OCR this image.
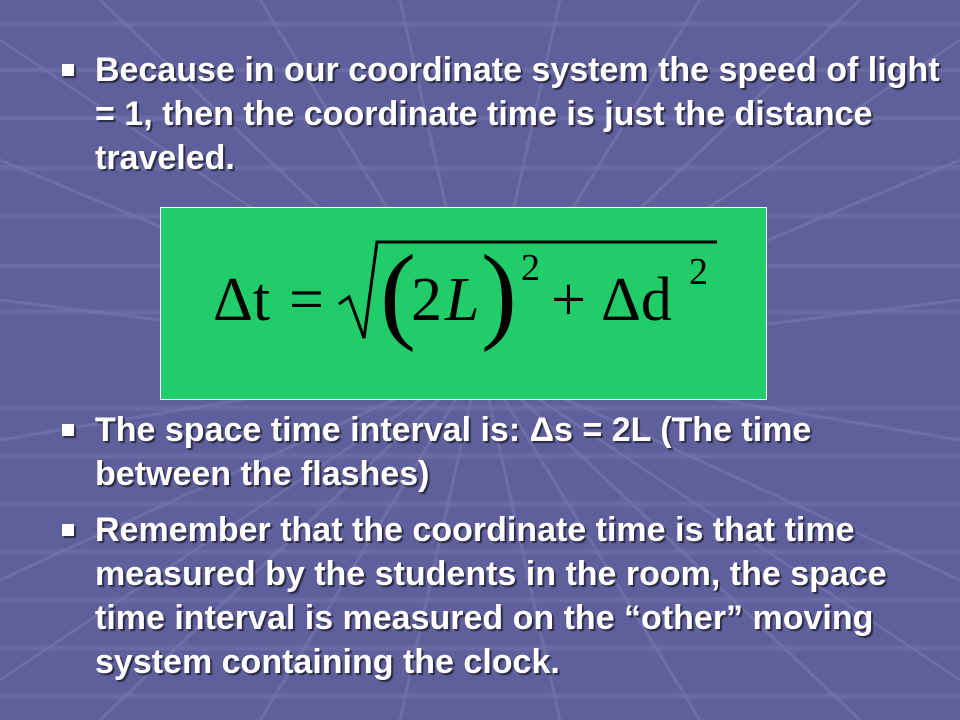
Because in our coordinate system the speed of light = 1, then the coordinate time is just the distance traveled.
Δt = (
2 L ) 2 + Δd 2
The space time interval is: Δs = 2L (The time between the flashes)
Remember that the coordinate time is that time measured by the students in the room, the space time interval is measured on the “other” moving system containing the clock.
